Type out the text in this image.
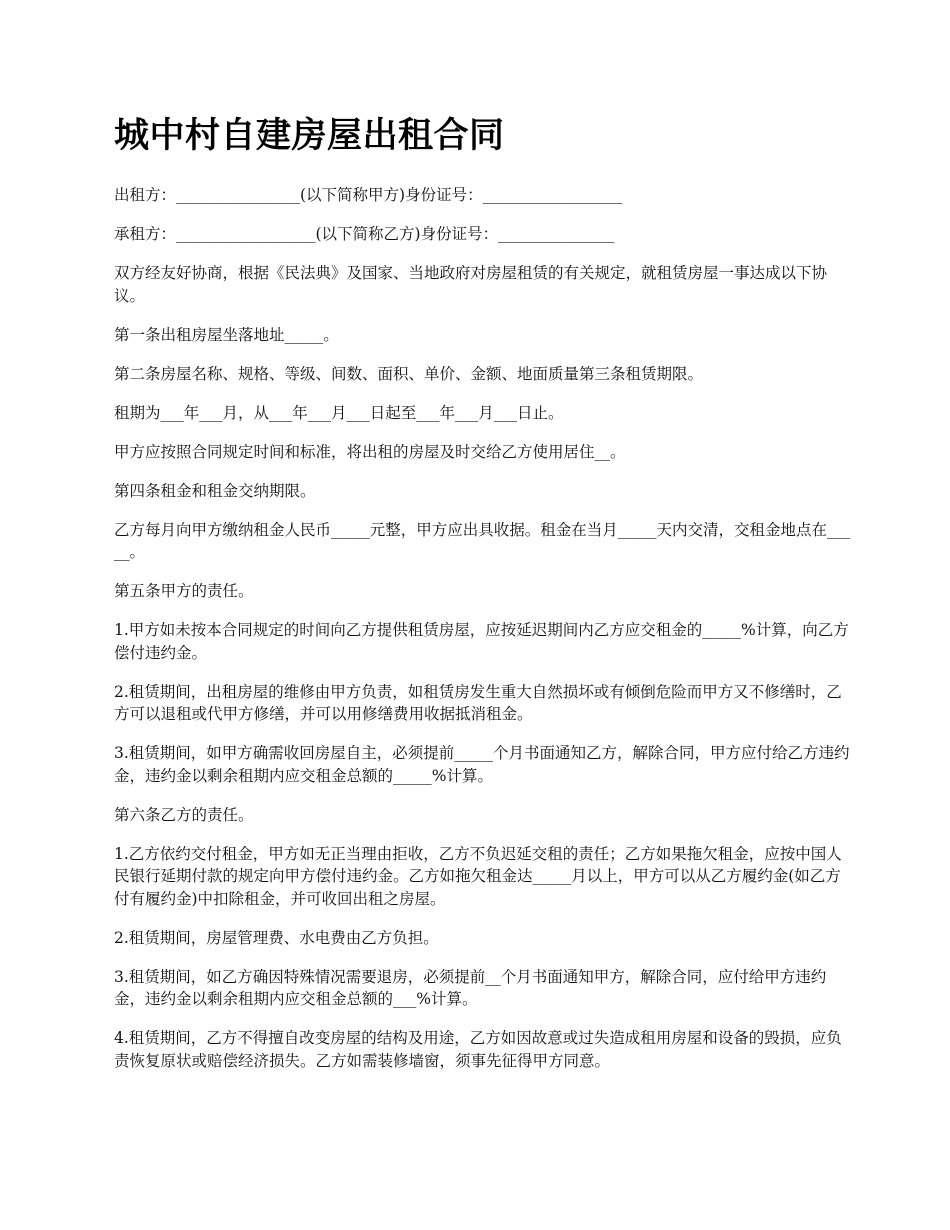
城中村自建房屋出租合同

出租方：________________(以下简称甲方)身份证号：__________________

承租方：__________________(以下简称乙方)身份证号：_______________

双方经友好协商，根据《民法典》及国家、当地政府对房屋租赁的有关规定，就租赁房屋一事达成以下协议。

第一条出租房屋坐落地址_____。

第二条房屋名称、规格、等级、间数、面积、单价、金额、地面质量第三条租赁期限。

租期为___年___月，从___年___月___日起至___年___月___日止。

甲方应按照合同规定时间和标准，将出租的房屋及时交给乙方使用居住__。

第四条租金和租金交纳期限。

乙方每月向甲方缴纳租金人民币_____元整，甲方应出具收据。租金在当月_____天内交清，交租金地点在_____。

第五条甲方的责任。

1.甲方如未按本合同规定的时间向乙方提供租赁房屋，应按延迟期间内乙方应交租金的_____%计算，向乙方偿付违约金。

2.租赁期间，出租房屋的维修由甲方负责，如租赁房发生重大自然损坏或有倾倒危险而甲方又不修缮时，乙方可以退租或代甲方修缮，并可以用修缮费用收据抵消租金。

3.租赁期间，如甲方确需收回房屋自主，必须提前_____个月书面通知乙方，解除合同，甲方应付给乙方违约金，违约金以剩余租期内应交租金总额的_____%计算。

第六条乙方的责任。

1.乙方依约交付租金，甲方如无正当理由拒收，乙方不负迟延交租的责任；乙方如果拖欠租金，应按中国人民银行延期付款的规定向甲方偿付违约金。乙方如拖欠租金达_____月以上，甲方可以从乙方履约金(如乙方付有履约金)中扣除租金，并可收回出租之房屋。

2.租赁期间，房屋管理费、水电费由乙方负担。

3.租赁期间，如乙方确因特殊情况需要退房，必须提前__个月书面通知甲方，解除合同，应付给甲方违约金，违约金以剩余租期内应交租金总额的___%计算。

4.租赁期间，乙方不得擅自改变房屋的结构及用途，乙方如因故意或过失造成租用房屋和设备的毁损，应负责恢复原状或赔偿经济损失。乙方如需装修墙窗，须事先征得甲方同意。
